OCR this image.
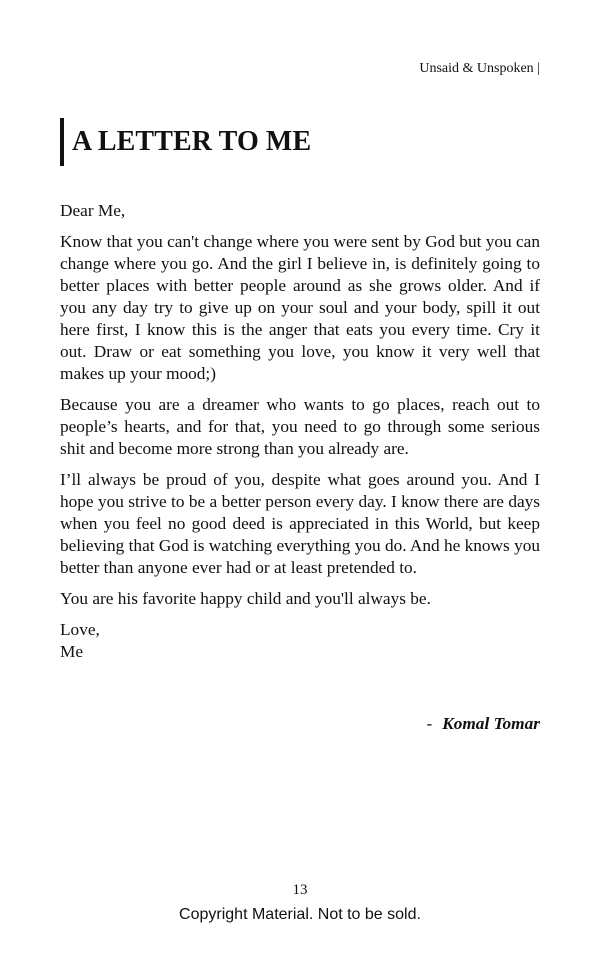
Unsaid & Unspoken |
A LETTER TO ME

Dear Me,

Know that you can't change where you were sent by God but you can change where you go. And the girl I believe in, is definitely going to better places with better people around as she grows older. And if you any day try to give up on your soul and your body, spill it out here first, I know this is the anger that eats you every time. Cry it out. Draw or eat something you love, you know it very well that makes up your mood;)

Because you are a dreamer who wants to go places, reach out to people’s hearts, and for that, you need to go through some serious shit and become more strong than you already are.

I’ll always be proud of you, despite what goes around you. And I hope you strive to be a better person every day. I know there are days when you feel no good deed is appreciated in this World, but keep believing that God is watching everything you do. And he knows you better than anyone ever had or at least pretended to.

You are his favorite happy child and you'll always be.

Love,
Me

- Komal Tomar
13
Copyright Material. Not to be sold.
